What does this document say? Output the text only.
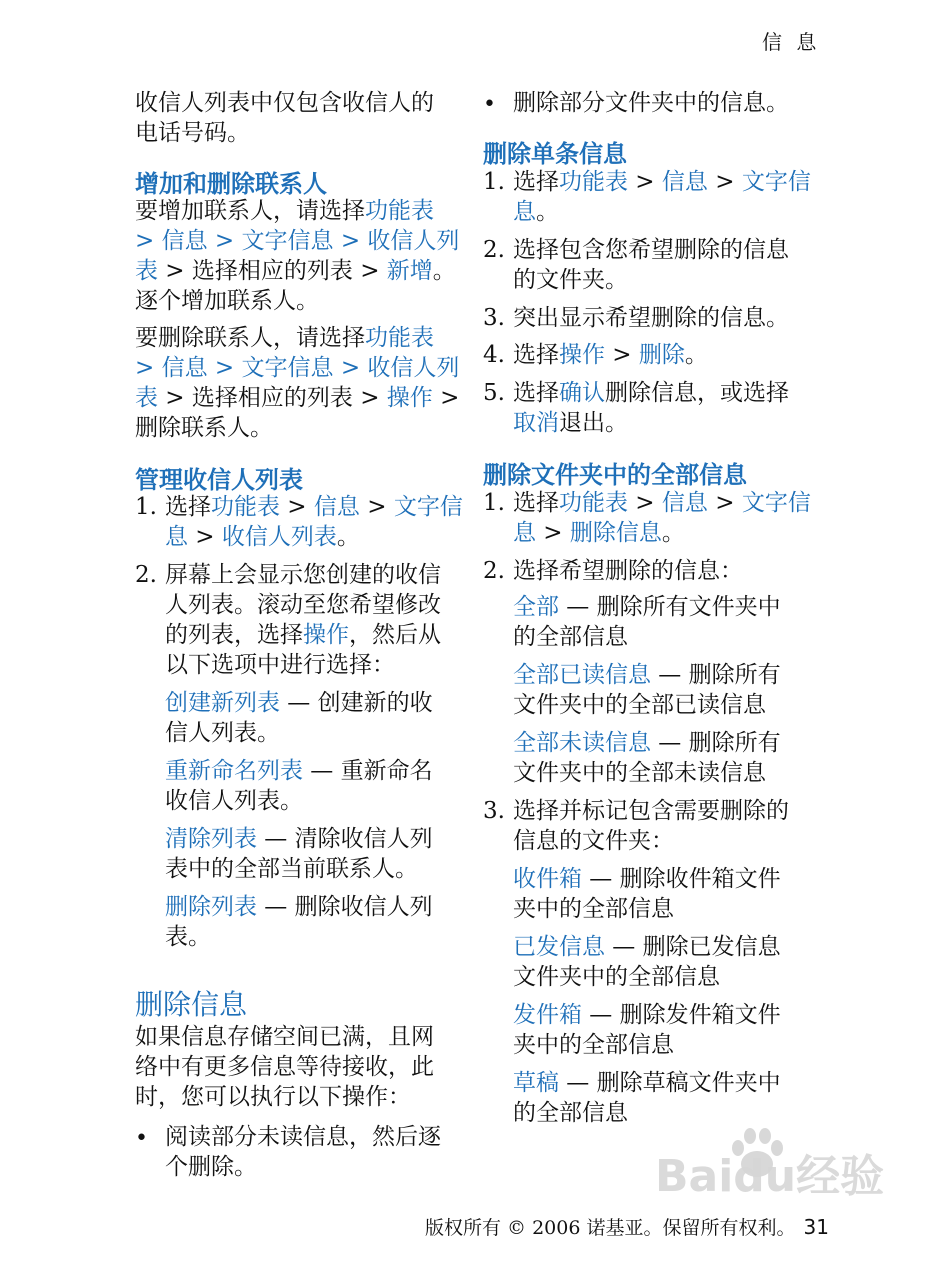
信 息
收信人列表中仅包含收信人的
电话号码。
增加和删除联系人
要增加联系人，请选择功能表
> 信息 > 文字信息 > 收信人列
表 > 选择相应的列表 > 新增。
逐个增加联系人。
要删除联系人，请选择功能表
> 信息 > 文字信息 > 收信人列
表 > 选择相应的列表 > 操作 >
删除联系人。
管理收信人列表
1. 选择功能表 > 信息 > 文字信
息 > 收信人列表。
2. 屏幕上会显示您创建的收信
人列表。滚动至您希望修改
的列表，选择操作，然后从
以下选项中进行选择：
创建新列表 — 创建新的收
信人列表。
重新命名列表 — 重新命名
收信人列表。
清除列表 — 清除收信人列
表中的全部当前联系人。
删除列表 — 删除收信人列
表。
删除信息
如果信息存储空间已满，且网
络中有更多信息等待接收，此
时，您可以执行以下操作：
• 阅读部分未读信息，然后逐
个删除。
• 删除部分文件夹中的信息。
删除单条信息
1. 选择功能表 > 信息 > 文字信
息。
2. 选择包含您希望删除的信息
的文件夹。
3. 突出显示希望删除的信息。
4. 选择操作 > 删除。
5. 选择确认删除信息，或选择
取消退出。
删除文件夹中的全部信息
1. 选择功能表 > 信息 > 文字信
息 > 删除信息。
2. 选择希望删除的信息：
全部 — 删除所有文件夹中
的全部信息
全部已读信息 — 删除所有
文件夹中的全部已读信息
全部未读信息 — 删除所有
文件夹中的全部未读信息
3. 选择并标记包含需要删除的
信息的文件夹：
收件箱 — 删除收件箱文件
夹中的全部信息
已发信息 — 删除已发信息
文件夹中的全部信息
发件箱 — 删除发件箱文件
夹中的全部信息
草稿 — 删除草稿文件夹中
的全部信息
Baidu经验
版权所有 © 2006 诺基亚。保留所有权利。 31
